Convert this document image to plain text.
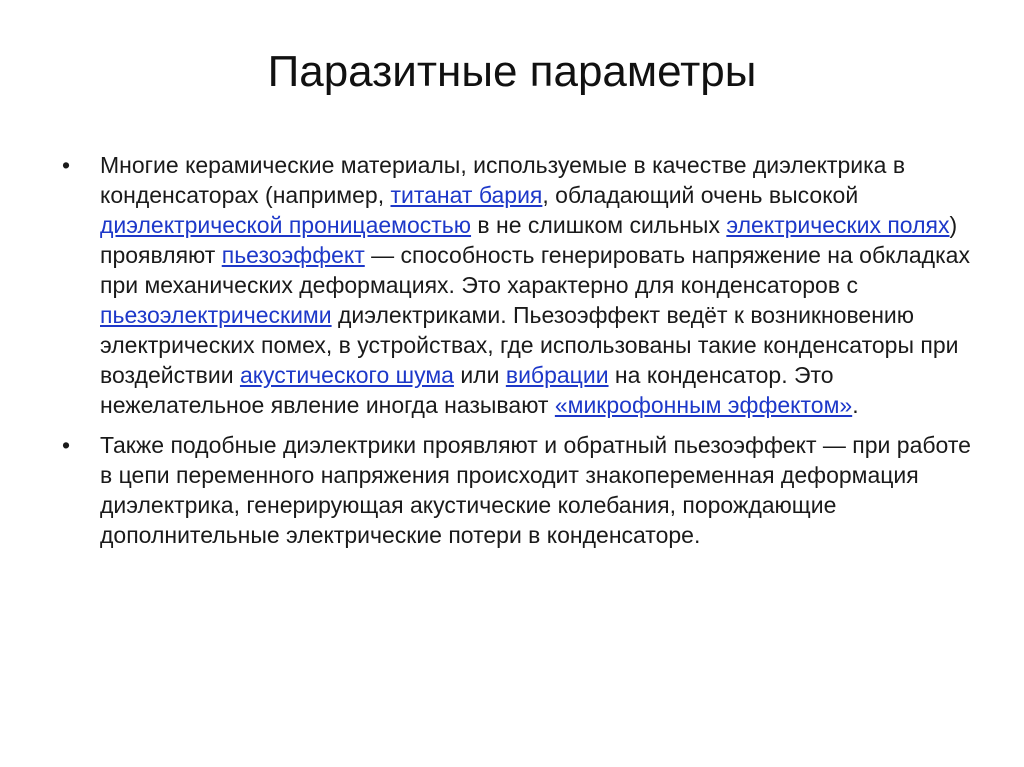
Паразитные параметры
•	Многие керамические материалы, используемые в качестве диэлектрика в конденсаторах (например, титанат бария, обладающий очень высокой диэлектрической проницаемостью в не слишком сильных электрических полях) проявляют пьезоэффект — способность генерировать напряжение на обкладках при механических деформациях. Это характерно для конденсаторов с пьезоэлектрическими диэлектриками. Пьезоэффект ведёт к возникновению электрических помех, в устройствах, где использованы такие конденсаторы при воздействии акустического шума или вибрации на конденсатор. Это нежелательное явление иногда называют «микрофонным эффектом».
•	Также подобные диэлектрики проявляют и обратный пьезоэффект — при работе в цепи переменного напряжения происходит знакопеременная деформация диэлектрика, генерирующая акустические колебания, порождающие дополнительные электрические потери в конденсаторе.
